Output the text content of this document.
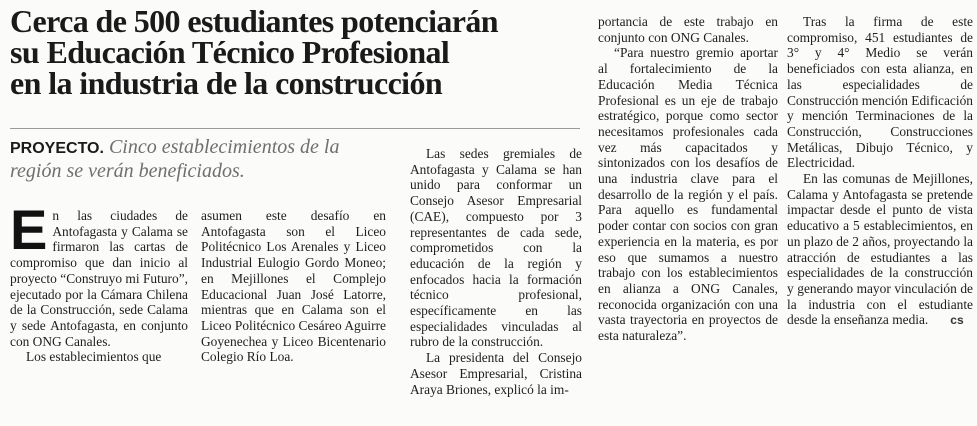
Cerca de 500 estudiantes potenciarán
su Educación Técnico Profesional
en la industria de la construcción
PROYECTO. Cinco establecimientos de la región se verán beneficiados.

En las ciudades de Antofagasta y Calama se firmaron las cartas de compromiso que dan inicio al proyecto “Construyo mi Futuro”, ejecutado por la Cámara Chilena de la Construcción, sede Calama y sede Antofagasta, en conjunto con ONG Canales.

Los establecimientos que

asumen este desafío en Antofagasta son el Liceo Politécnico Los Arenales y Liceo Industrial Eulogio Gordo Moneo; en Mejillones el Complejo Educacional Juan José Latorre, mientras que en Calama son el Liceo Politécnico Cesáreo Aguirre Goyenechea y Liceo Bicentenario Colegio Río Loa.

Las sedes gremiales de Antofagasta y Calama se han unido para conformar un Consejo Asesor Empresarial (CAE), compuesto por 3 representantes de cada sede, comprometidos con la educación de la región y enfocados hacia la formación técnico profesional, específicamente en las especialidades vinculadas al rubro de la construcción.

La presidenta del Consejo Asesor Empresarial, Cristina Araya Briones, explicó la im-

portancia de este trabajo en conjunto con ONG Canales.

“Para nuestro gremio aportar al fortalecimiento de la Educación Media Técnica Profesional es un eje de trabajo estratégico, porque como sector necesitamos profesionales cada vez más capacitados y sintonizados con los desafíos de una industria clave para el desarrollo de la región y el país. Para aquello es fundamental poder contar con socios con gran experiencia en la materia, es por eso que sumamos a nuestro trabajo con los establecimientos en alianza a ONG Canales, reconocida organización con una vasta trayectoria en proyectos de esta naturaleza”.

Tras la firma de este compromiso, 451 estudiantes de 3° y 4° Medio se verán beneficiados con esta alianza, en las especialidades de Construcción mención Edificación y mención Terminaciones de la Construcción, Construcciones Metálicas, Dibujo Técnico, y Electricidad.

En las comunas de Mejillones, Calama y Antofagasta se pretende impactar desde el punto de vista educativo a 5 establecimientos, en un plazo de 2 años, proyectando la atracción de estudiantes a las especialidades de la construcción y generando mayor vinculación de la industria con el estudiante desde la enseñanza media. cs
